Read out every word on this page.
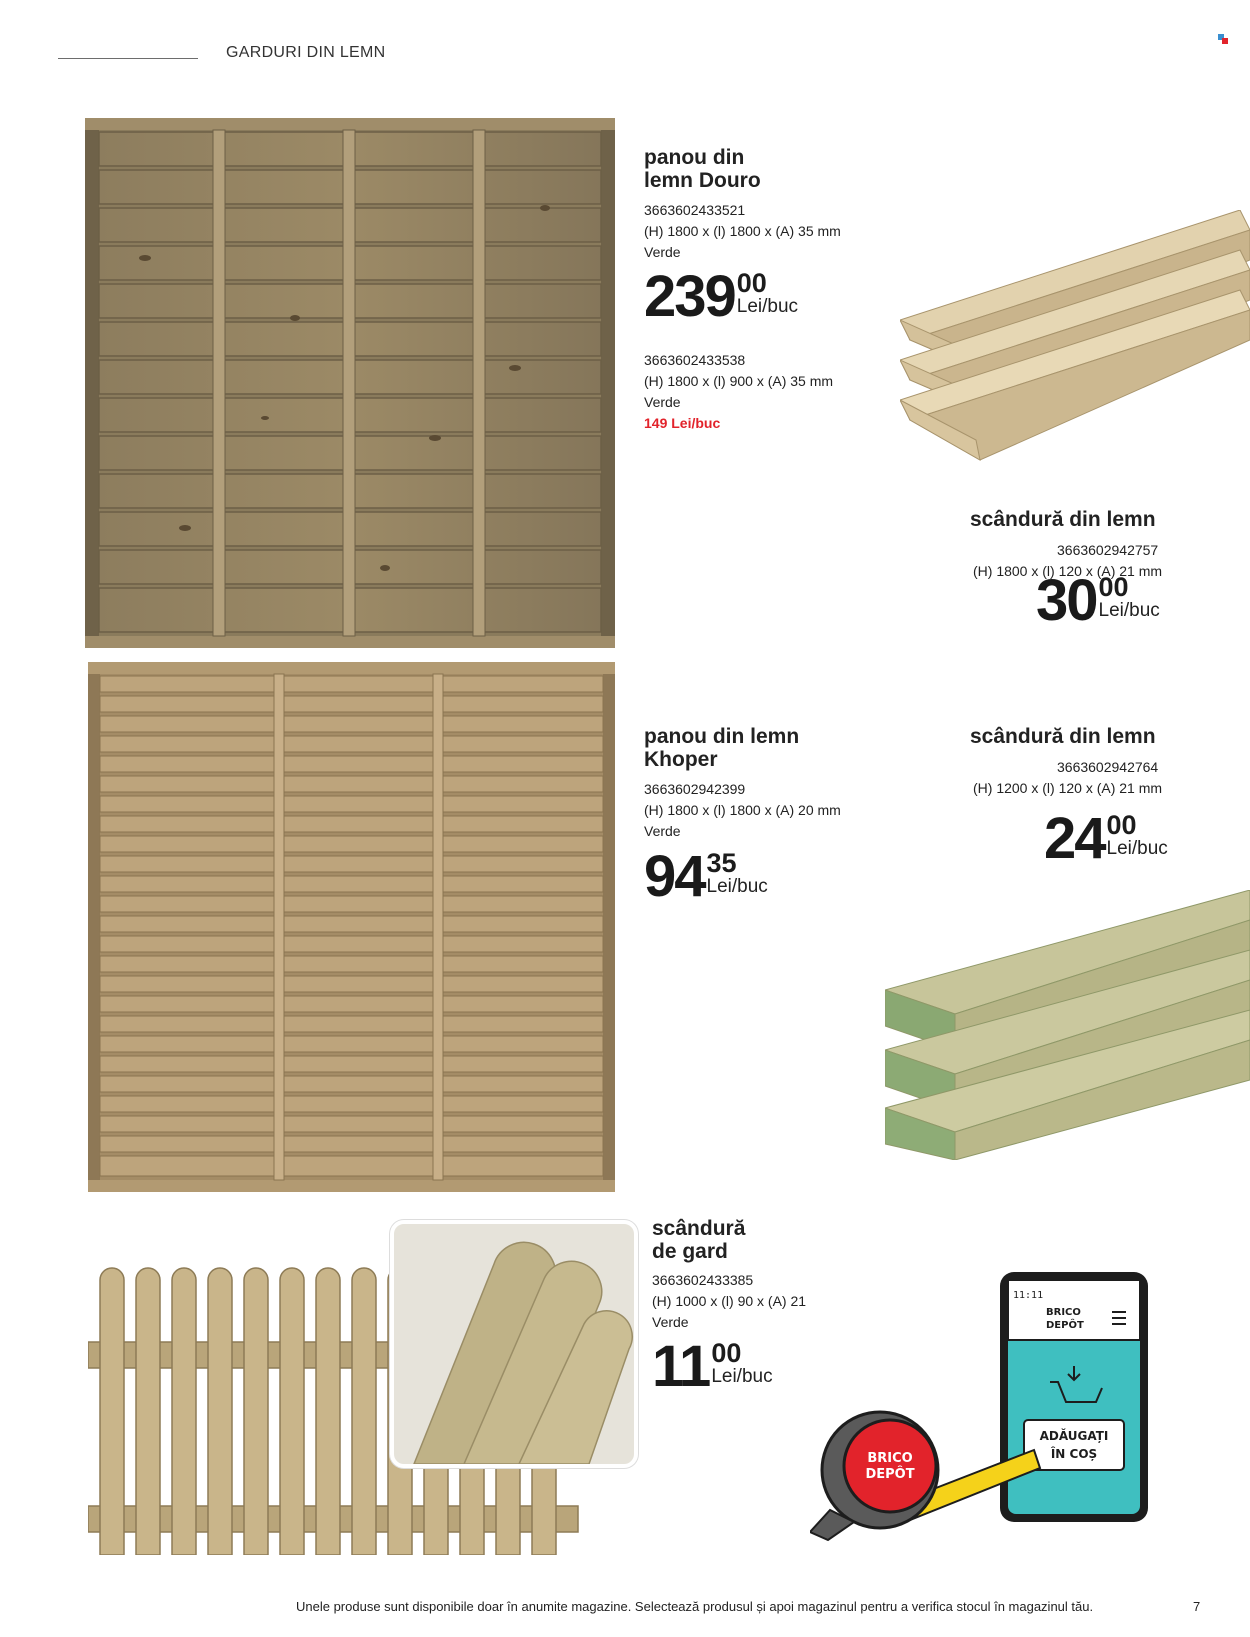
GARDURI DIN LEMN
panou din
lemn Douro
3663602433521
(H) 1800 x (l) 1800 x (A) 35 mm
Verde
239 00
Lei/buc
3663602433538
(H) 1800 x (l) 900 x (A) 35 mm
Verde
149 Lei/buc
scândură din lemn
3663602942757
(H) 1800 x (l) 120 x (A) 21 mm
30 00
Lei/buc
panou din lemn
Khoper
3663602942399
(H) 1800 x (l) 1800 x (A) 20 mm
Verde
94 35
Lei/buc
scândură din lemn
3663602942764
(H) 1200 x (l) 120 x (A) 21 mm
24 00
Lei/buc
scândură
de gard
3663602433385
(H) 1000 x (l) 90 x (A) 21
Verde
11 00
Lei/buc
11:11
BRICO
DEPÔT
ADĂUGAȚI
ÎN COȘ
BRICO
DEPÔT
Unele produse sunt disponibile doar în anumite magazine. Selectează produsul și apoi magazinul pentru a verifica stocul în magazinul tău.	7
